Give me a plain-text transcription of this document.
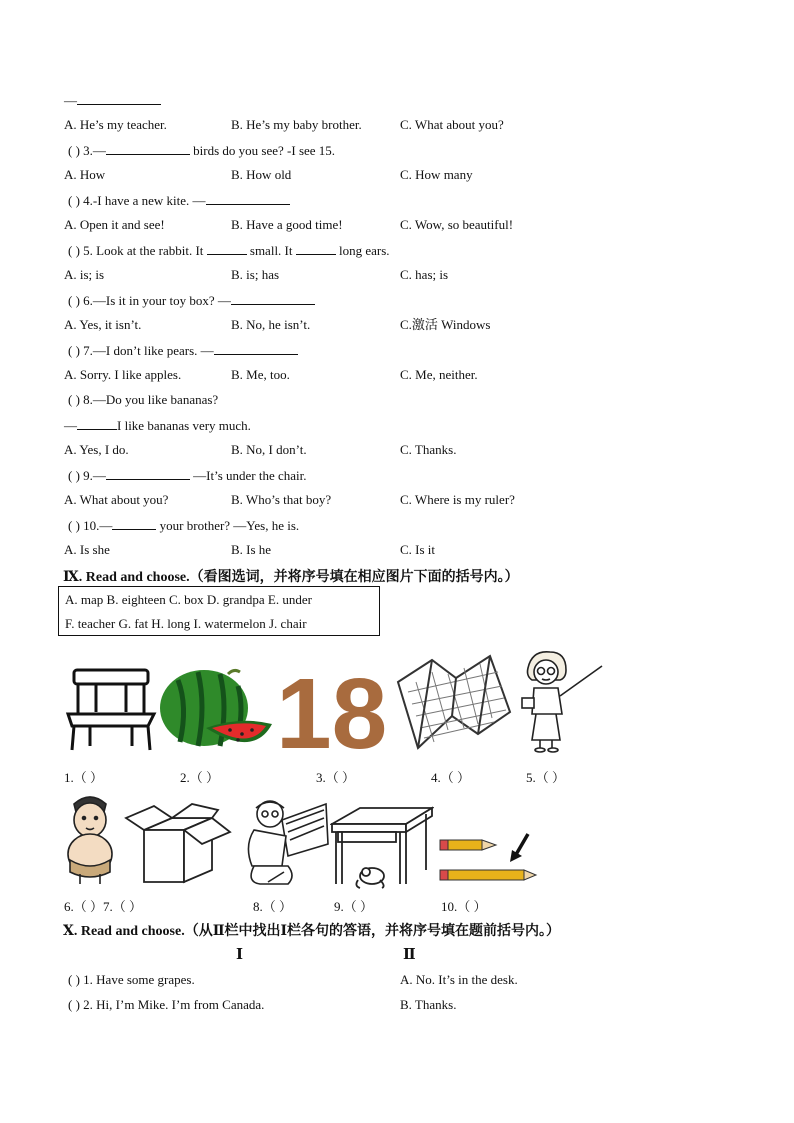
—
A. He’s my teacher.	B. He’s my baby brother.	C. What about you?
( ) 3.—	birds do you see? -I see 15.
A. How	B. How old	C. How many
( ) 4.-I have a new kite. —
A. Open it and see!	B. Have a good time!	C. Wow, so beautiful!
( ) 5. Look at the rabbit. It	small. It	long ears.
A. is; is	B. is; has	C. has; is
( ) 6.—Is it in your toy box? —
A. Yes, it isn’t.	B. No, he isn’t.	C.激活 Windows
( ) 7.—I don’t like pears. —
A. Sorry. I like apples.	B. Me, too.	C. Me, neither.
( ) 8.—Do you like bananas?
—	I like bananas very much.
A. Yes, I do.	B. No, I don’t.	C. Thanks.
( ) 9.—	—It’s under the chair.
A. What about you?	B. Who’s that boy?	C. Where is my ruler?
( ) 10.—	your brother? —Yes, he is.
A. Is she	B. Is he	C. Is it
Ⅸ. Read and choose.（看图选词，并将序号填在相应图片下面的括号内。）
A. map B. eighteen C. box D. grandpa E. under
F. teacher G. fat H. long I. watermelon J. chair
18
1.（ ）	2.（ ）	3.（ ）	4.（ ）	5.（ ）
6.（ ）7.（ ）	8.（ ）	9.（ ）	10.（ ）
Ⅹ. Read and choose.（从Ⅱ栏中找出Ⅰ栏各句的答语，并将序号填在题前括号内。）
Ⅰ	Ⅱ
( ) 1. Have some grapes.	A. No. It’s in the desk.
( ) 2. Hi, I’m Mike. I’m from Canada.	B. Thanks.
